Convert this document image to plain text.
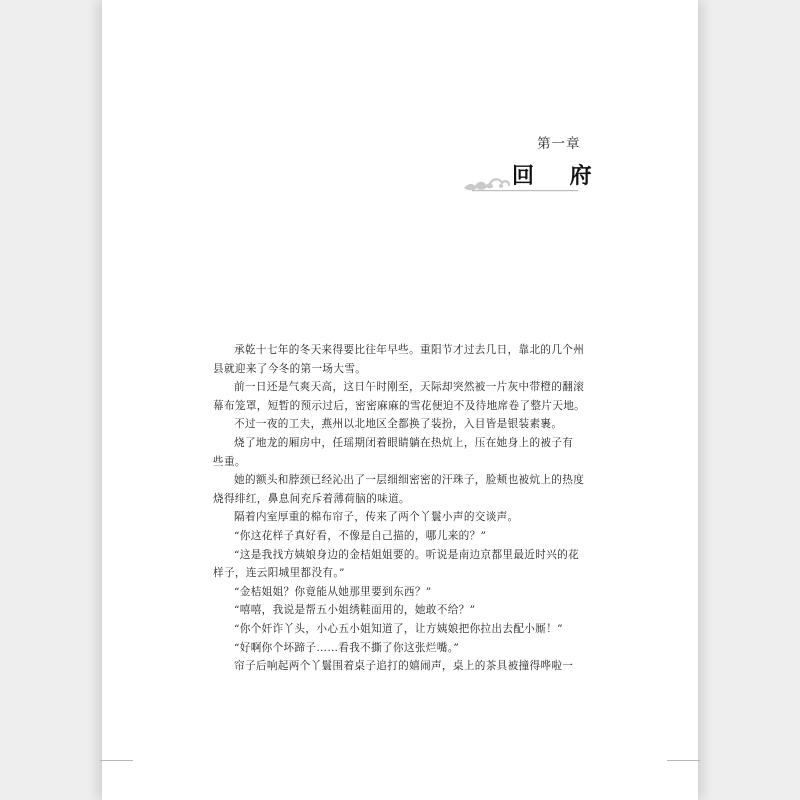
第一章
回 府
承乾十七年的冬天来得要比往年早些。重阳节才过去几日，靠北的几个州
县就迎来了今冬的第一场大雪。
前一日还是气爽天高，这日午时刚至，天际却突然被一片灰中带橙的翻滚
幕布笼罩，短暂的预示过后，密密麻麻的雪花便迫不及待地席卷了整片天地。
不过一夜的工夫，燕州以北地区全都换了装扮，入目皆是银装素裹。
烧了地龙的厢房中，任瑶期闭着眼睛躺在热炕上，压在她身上的被子有
些重。
她的额头和脖颈已经沁出了一层细细密密的汗珠子，脸颊也被炕上的热度
烧得绯红，鼻息间充斥着薄荷脑的味道。
隔着内室厚重的棉布帘子，传来了两个丫鬟小声的交谈声。
“你这花样子真好看，不像是自己描的，哪儿来的？”
“这是我找方姨娘身边的金桔姐姐要的。听说是南边京都里最近时兴的花
样子，连云阳城里都没有。”
“金桔姐姐？你竟能从她那里要到东西？”
“嘻嘻，我说是帮五小姐绣鞋面用的，她敢不给？”
“你个奸诈丫头，小心五小姐知道了，让方姨娘把你拉出去配小厮！”
“好啊你个坏蹄子……看我不撕了你这张烂嘴。”
帘子后响起两个丫鬟围着桌子追打的嬉闹声，桌上的茶具被撞得哗啦一
